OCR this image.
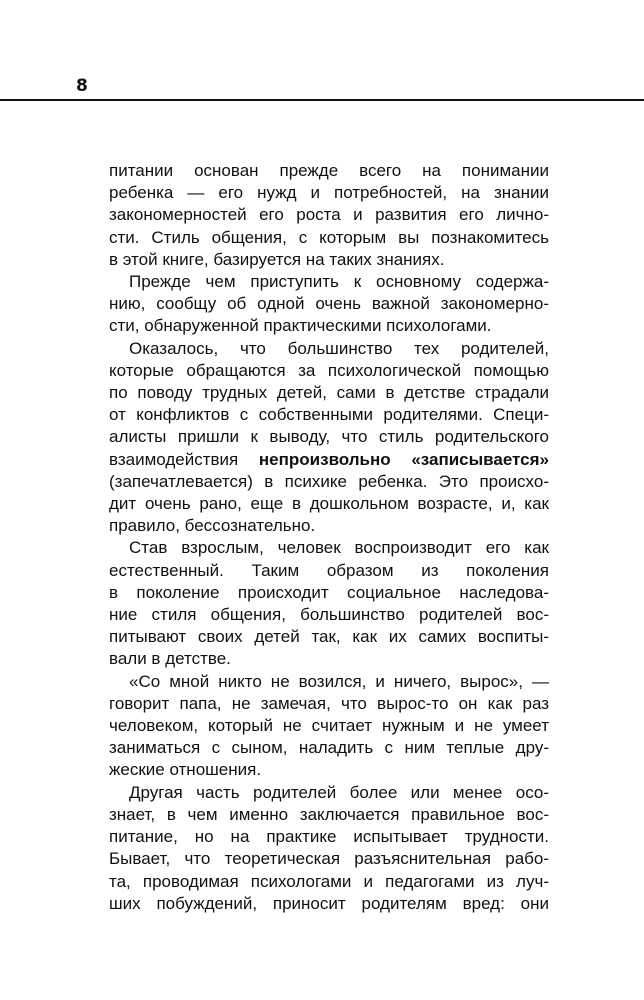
8

питании основан прежде всего на понимании
ребенка — его нужд и потребностей, на знании
закономерностей его роста и развития его лично-
сти. Стиль общения, с которым вы познакомитесь
в этой книге, базируется на таких знаниях.

Прежде чем приступить к основному содержа-
нию, сообщу об одной очень важной закономерно-
сти, обнаруженной практическими психологами.

Оказалось, что большинство тех родителей,
которые обращаются за психологической помощью
по поводу трудных детей, сами в детстве страдали
от конфликтов с собственными родителями. Специ-
алисты пришли к выводу, что стиль родительского
взаимодействия непроизвольно «записывается»
(запечатлевается) в психике ребенка. Это происхо-
дит очень рано, еще в дошкольном возрасте, и, как
правило, бессознательно.

Став взрослым, человек воспроизводит его как
естественный. Таким образом из поколения
в поколение происходит социальное наследова-
ние стиля общения, большинство родителей вос-
питывают своих детей так, как их самих воспиты-
вали в детстве.

«Со мной никто не возился, и ничего, вырос», —
говорит папа, не замечая, что вырос-то он как раз
человеком, который не считает нужным и не умеет
заниматься с сыном, наладить с ним теплые дру-
жеские отношения.

Другая часть родителей более или менее осо-
знает, в чем именно заключается правильное вос-
питание, но на практике испытывает трудности.
Бывает, что теоретическая разъяснительная рабо-
та, проводимая психологами и педагогами из луч-
ших побуждений, приносит родителям вред: они
